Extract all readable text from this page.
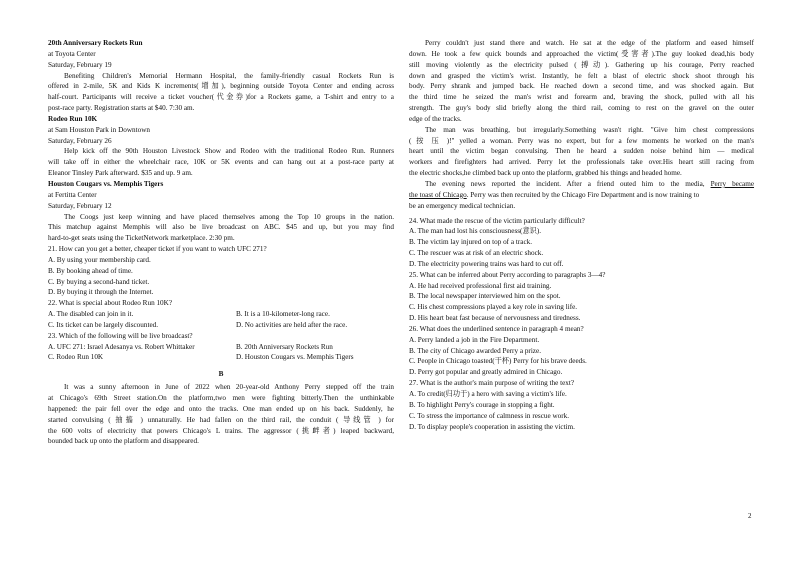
20th Anniversary Rockets Run
at Toyota Center
Saturday, February 19
Benefiting Children's Memorial Hermann Hospital, the family-friendly casual Rockets Run is
offered in 2-mile, 5K and Kids K increments(增加), beginning outside Toyota Center and ending across
half-court. Participants will receive a ticket voucher(代金券)for a Rockets game, a T-shirt and entry to a
post-race party. Registration starts at $40. 7:30 am.
Rodeo Run 10K
at Sam Houston Park in Downtown
Saturday, February 26
Help kick off the 90th Houston Livestock Show and Rodeo with the traditional Rodeo Run. Runners
will take off in either the wheelchair race, 10K or 5K events and can hang out at a post-race party at
Eleanor Tinsley Park afterward. $35 and up. 9 am.
Houston Cougars vs. Memphis Tigers
at Fertitta Center
Saturday, February 12
The Coogs just keep winning and have placed themselves among the Top 10 groups in the nation.
This matchup against Memphis will also be live broadcast on ABC. $45 and up, but you may find
hard-to-get seats using the TicketNetwork marketplace. 2:30 pm.
21. How can you get a better, cheaper ticket if you want to watch UFC 271?
A. By using your membership card.
B. By booking ahead of time.
C. By buying a second-hand ticket.
D. By buying it through the Internet.
22. What is special about Rodeo Run 10K?
A. The disabled can join in it.	B. It is a 10-kilometer-long race.
C. Its ticket can be largely discounted.	D. No activities are held after the race.
23. Which of the following will be live broadcast?
A. UFC 271: Israel Adesanya vs. Robert Whittaker	B. 20th Anniversary Rockets Run
C. Rodeo Run 10K	D. Houston Cougars vs. Memphis Tigers
B
It was a sunny afternoon in June of 2022 when 20-year-old Anthony Perry stepped off the train
at Chicago's 69th Street station.On the platform,two men were fighting bitterly.Then the unthinkable
happened: the pair fell over the edge and onto the tracks. One man ended up on his back. Suddenly, he
started convulsing ( 抽搐 ) unnaturally. He had fallen on the third rail, the conduit ( 导线管 ) for
the 600 volts of electricity that powers Chicago's L trains. The aggressor (挑衅者) leaped backward,
bounded back up onto the platform and disappeared.
Perry couldn't just stand there and watch. He sat at the edge of the platform and eased himself
down. He took a few quick bounds and approached the victim(受害者).The guy looked dead,his body
still moving violently as the electricity pulsed (搏动). Gathering up his courage, Perry reached
down and grasped the victim's wrist. Instantly, he felt a blast of electric shock shoot through his
body. Perry shrank and jumped back. He reached down a second time, and was shocked again. But
the third time he seized the man's wrist and forearm and, braving the shock, pulled with all his
strength. The guy's body slid briefly along the third rail, coming to rest on the gravel on the outer
edge of the tracks.
The man was breathing, but irregularly.Something wasn't right. "Give him chest compressions
( 按 压 )!" yelled a woman. Perry was no expert, but for a few moments he worked on the man's
heart until the victim began convulsing. Then he heard a sudden noise behind him — medical
workers and firefighters had arrived. Perry let the professionals take over.His heart still racing from
the electric shocks,he climbed back up onto the platform, grabbed his things and headed home.
The evening news reported the incident. After a friend outed him to the media, Perry became
the toast of Chicago. Perry was then recruited by the Chicago Fire Department and is now training to
be an emergency medical technician.
24. What made the rescue of the victim particularly difficult?
A. The man had lost his consciousness(意识).
B. The victim lay injured on top of a track.
C. The rescuer was at risk of an electric shock.
D. The electricity powering trains was hard to cut off.
25. What can be inferred about Perry according to paragraphs 3—4?
A. He had received professional first aid training.
B. The local newspaper interviewed him on the spot.
C. His chest compressions played a key role in saving life.
D. His heart beat fast because of nervousness and tiredness.
26. What does the underlined sentence in paragraph 4 mean?
A. Perry landed a job in the Fire Department.
B. The city of Chicago awarded Perry a prize.
C. People in Chicago toasted(干杯) Perry for his brave deeds.
D. Perry got popular and greatly admired in Chicago.
27. What is the author's main purpose of writing the text?
A. To credit(归功于) a hero with saving a victim's life.
B. To highlight Perry's courage in stopping a fight.
C. To stress the importance of calmness in rescue work.
D. To display people's cooperation in assisting the victim.
2
